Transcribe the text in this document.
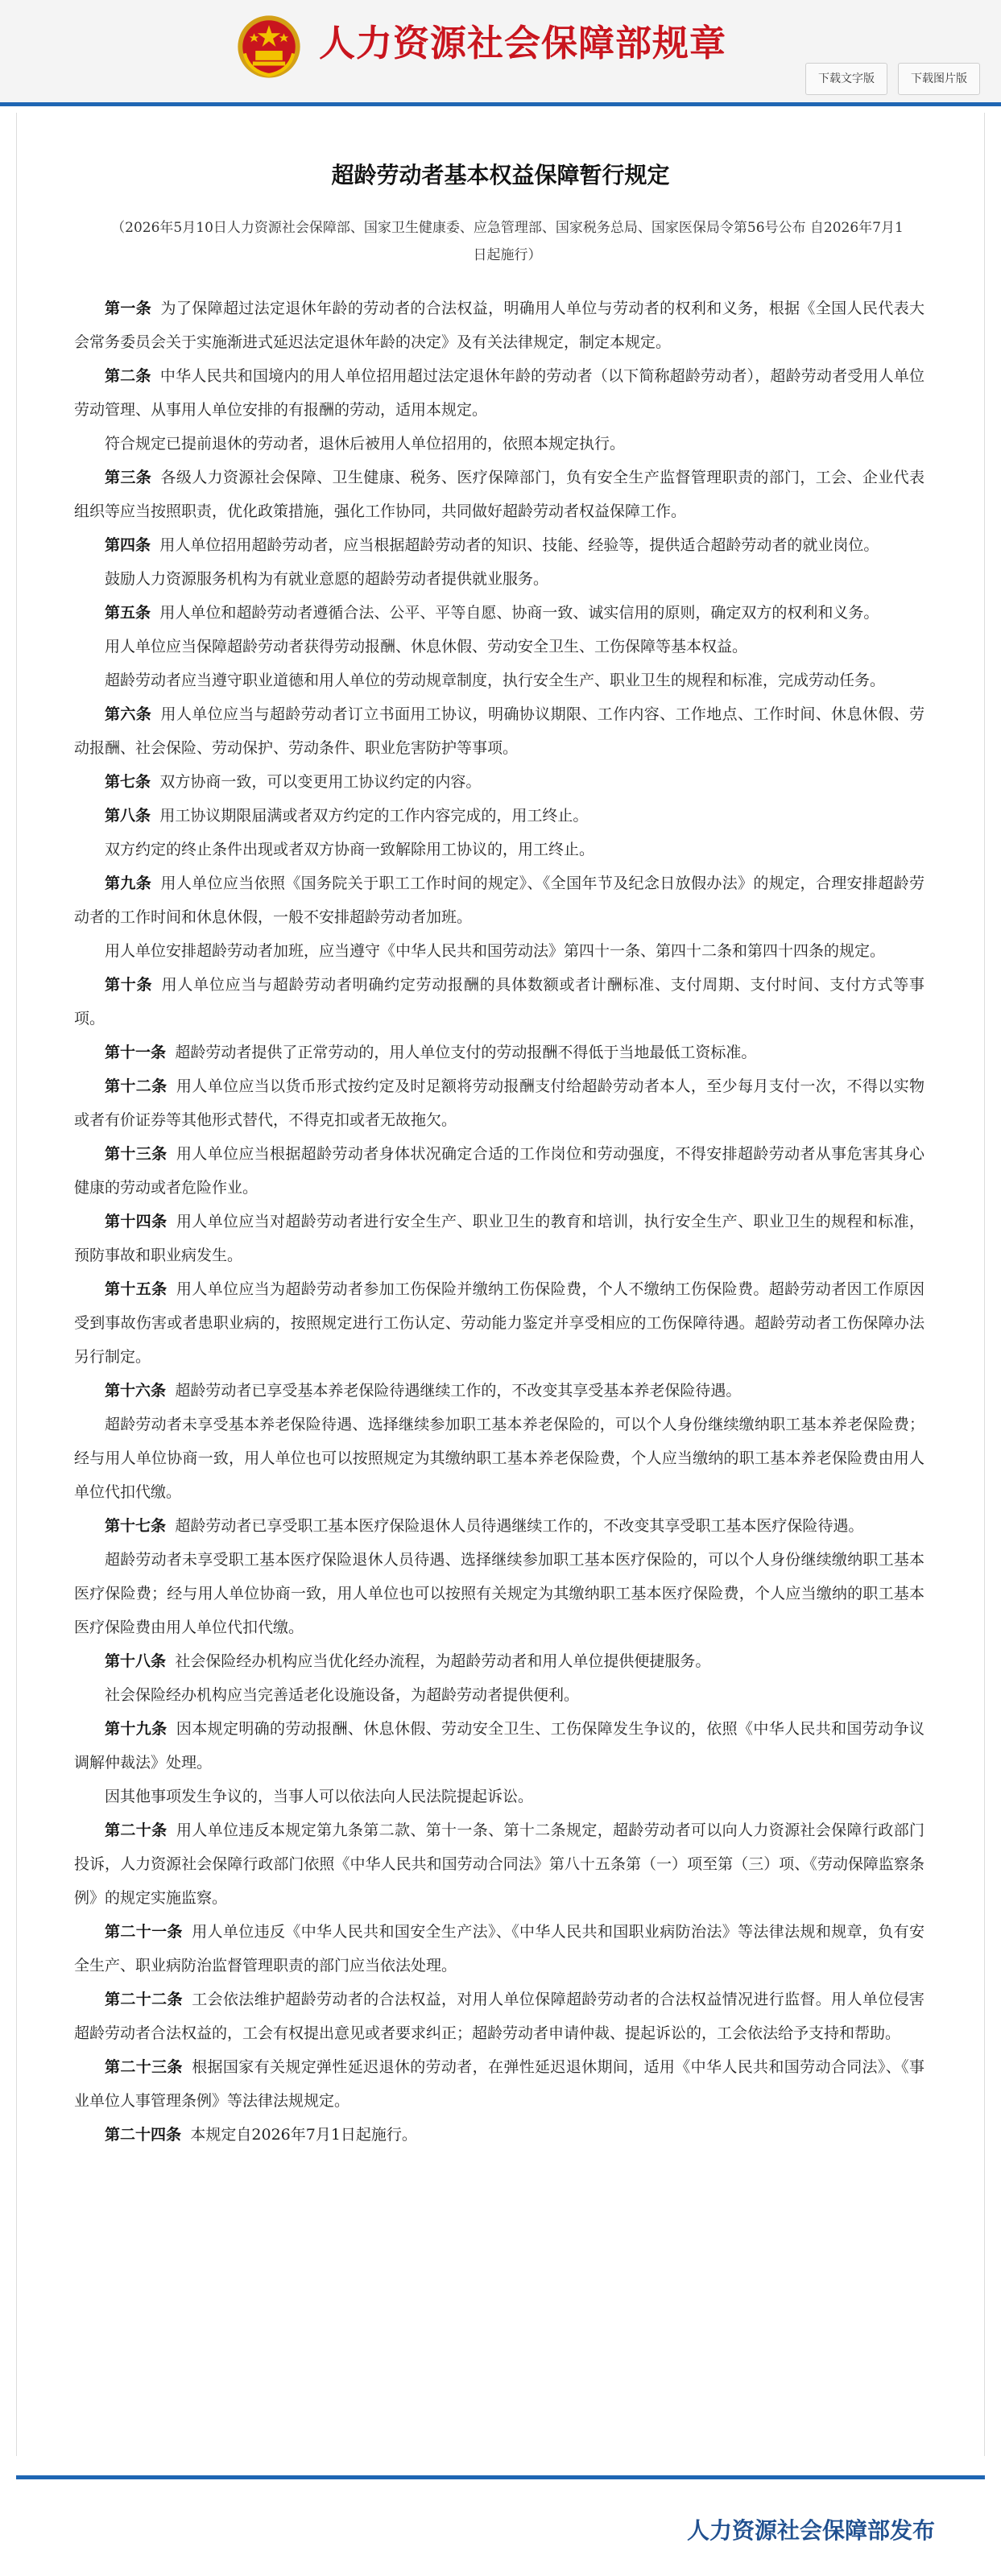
人力资源社会保障部规章
下载文字版	下载图片版
超龄劳动者基本权益保障暂行规定
（2026年5月10日人力资源社会保障部、国家卫生健康委、应急管理部、国家税务总局、国家医保局令第56号公布 自2026年7月1日起施行）

第一条 为了保障超过法定退休年龄的劳动者的合法权益，明确用人单位与劳动者的权利和义务，根据《全国人民代表大会常务委员会关于实施渐进式延迟法定退休年龄的决定》及有关法律规定，制定本规定。

第二条 中华人民共和国境内的用人单位招用超过法定退休年龄的劳动者（以下简称超龄劳动者），超龄劳动者受用人单位劳动管理、从事用人单位安排的有报酬的劳动，适用本规定。

符合规定已提前退休的劳动者，退休后被用人单位招用的，依照本规定执行。

第三条 各级人力资源社会保障、卫生健康、税务、医疗保障部门，负有安全生产监督管理职责的部门，工会、企业代表组织等应当按照职责，优化政策措施，强化工作协同，共同做好超龄劳动者权益保障工作。

第四条 用人单位招用超龄劳动者，应当根据超龄劳动者的知识、技能、经验等，提供适合超龄劳动者的就业岗位。

鼓励人力资源服务机构为有就业意愿的超龄劳动者提供就业服务。

第五条 用人单位和超龄劳动者遵循合法、公平、平等自愿、协商一致、诚实信用的原则，确定双方的权利和义务。

用人单位应当保障超龄劳动者获得劳动报酬、休息休假、劳动安全卫生、工伤保障等基本权益。

超龄劳动者应当遵守职业道德和用人单位的劳动规章制度，执行安全生产、职业卫生的规程和标准，完成劳动任务。

第六条 用人单位应当与超龄劳动者订立书面用工协议，明确协议期限、工作内容、工作地点、工作时间、休息休假、劳动报酬、社会保险、劳动保护、劳动条件、职业危害防护等事项。

第七条 双方协商一致，可以变更用工协议约定的内容。

第八条 用工协议期限届满或者双方约定的工作内容完成的，用工终止。

双方约定的终止条件出现或者双方协商一致解除用工协议的，用工终止。

第九条 用人单位应当依照《国务院关于职工工作时间的规定》、《全国年节及纪念日放假办法》的规定，合理安排超龄劳动者的工作时间和休息休假，一般不安排超龄劳动者加班。

用人单位安排超龄劳动者加班，应当遵守《中华人民共和国劳动法》第四十一条、第四十二条和第四十四条的规定。

第十条 用人单位应当与超龄劳动者明确约定劳动报酬的具体数额或者计酬标准、支付周期、支付时间、支付方式等事项。

第十一条 超龄劳动者提供了正常劳动的，用人单位支付的劳动报酬不得低于当地最低工资标准。

第十二条 用人单位应当以货币形式按约定及时足额将劳动报酬支付给超龄劳动者本人，至少每月支付一次，不得以实物或者有价证券等其他形式替代，不得克扣或者无故拖欠。

第十三条 用人单位应当根据超龄劳动者身体状况确定合适的工作岗位和劳动强度，不得安排超龄劳动者从事危害其身心健康的劳动或者危险作业。

第十四条 用人单位应当对超龄劳动者进行安全生产、职业卫生的教育和培训，执行安全生产、职业卫生的规程和标准，预防事故和职业病发生。

第十五条 用人单位应当为超龄劳动者参加工伤保险并缴纳工伤保险费，个人不缴纳工伤保险费。超龄劳动者因工作原因受到事故伤害或者患职业病的，按照规定进行工伤认定、劳动能力鉴定并享受相应的工伤保障待遇。超龄劳动者工伤保障办法另行制定。

第十六条 超龄劳动者已享受基本养老保险待遇继续工作的，不改变其享受基本养老保险待遇。

超龄劳动者未享受基本养老保险待遇、选择继续参加职工基本养老保险的，可以个人身份继续缴纳职工基本养老保险费；经与用人单位协商一致，用人单位也可以按照规定为其缴纳职工基本养老保险费，个人应当缴纳的职工基本养老保险费由用人单位代扣代缴。

第十七条 超龄劳动者已享受职工基本医疗保险退休人员待遇继续工作的，不改变其享受职工基本医疗保险待遇。

超龄劳动者未享受职工基本医疗保险退休人员待遇、选择继续参加职工基本医疗保险的，可以个人身份继续缴纳职工基本医疗保险费；经与用人单位协商一致，用人单位也可以按照有关规定为其缴纳职工基本医疗保险费，个人应当缴纳的职工基本医疗保险费由用人单位代扣代缴。

第十八条 社会保险经办机构应当优化经办流程，为超龄劳动者和用人单位提供便捷服务。

社会保险经办机构应当完善适老化设施设备，为超龄劳动者提供便利。

第十九条 因本规定明确的劳动报酬、休息休假、劳动安全卫生、工伤保障发生争议的，依照《中华人民共和国劳动争议调解仲裁法》处理。

因其他事项发生争议的，当事人可以依法向人民法院提起诉讼。

第二十条 用人单位违反本规定第九条第二款、第十一条、第十二条规定，超龄劳动者可以向人力资源社会保障行政部门投诉，人力资源社会保障行政部门依照《中华人民共和国劳动合同法》第八十五条第（一）项至第（三）项、《劳动保障监察条例》的规定实施监察。

第二十一条 用人单位违反《中华人民共和国安全生产法》、《中华人民共和国职业病防治法》等法律法规和规章，负有安全生产、职业病防治监督管理职责的部门应当依法处理。

第二十二条 工会依法维护超龄劳动者的合法权益，对用人单位保障超龄劳动者的合法权益情况进行监督。用人单位侵害超龄劳动者合法权益的，工会有权提出意见或者要求纠正；超龄劳动者申请仲裁、提起诉讼的，工会依法给予支持和帮助。

第二十三条 根据国家有关规定弹性延迟退休的劳动者，在弹性延迟退休期间，适用《中华人民共和国劳动合同法》、《事业单位人事管理条例》等法律法规规定。

第二十四条 本规定自2026年7月1日起施行。

人力资源社会保障部发布
